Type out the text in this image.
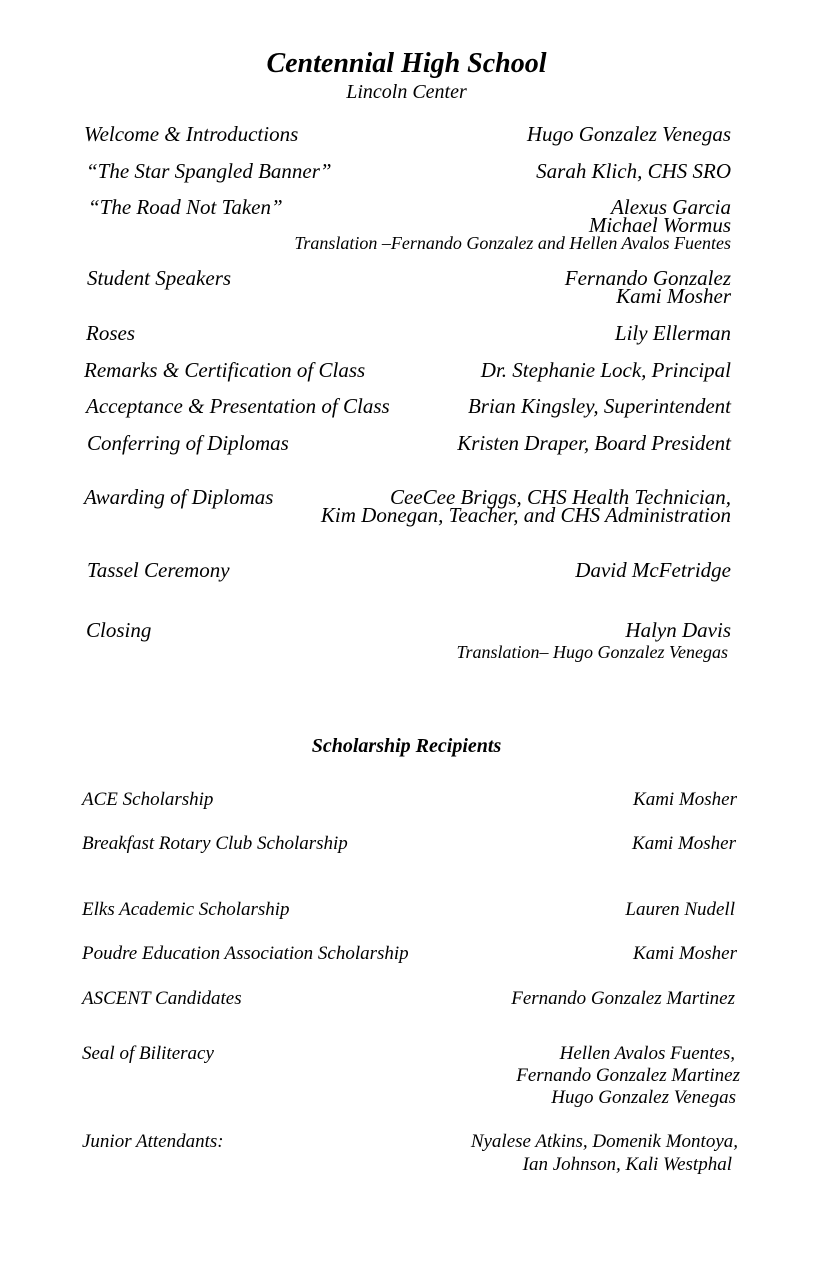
Centennial High School
Lincoln Center
Welcome & Introductions
“The Star Spangled Banner”
“The Road Not Taken”
Student Speakers
Roses
Remarks & Certification of Class
Acceptance & Presentation of Class
Conferring of Diplomas
Awarding of Diplomas
Tassel Ceremony
Closing
Hugo Gonzalez Venegas
Sarah Klich, CHS SRO
Alexus Garcia
Michael Wormus
Translation –Fernando Gonzalez and Hellen Avalos Fuentes
Fernando Gonzalez
Kami Mosher
Lily Ellerman
Dr. Stephanie Lock, Principal
Brian Kingsley, Superintendent
Kristen Draper, Board President
CeeCee Briggs, CHS Health Technician,
Kim Donegan, Teacher, and CHS Administration
David McFetridge
Halyn Davis
Translation– Hugo Gonzalez Venegas
Scholarship Recipients
ACE Scholarship
Breakfast Rotary Club Scholarship
Elks Academic Scholarship
Poudre Education Association Scholarship
ASCENT Candidates
Seal of Biliteracy
Junior Attendants:
Kami Mosher
Kami Mosher
Lauren Nudell
Kami Mosher
Fernando Gonzalez Martinez
Hellen Avalos Fuentes,
Fernando Gonzalez Martinez
Hugo Gonzalez Venegas
Nyalese Atkins, Domenik Montoya,
Ian Johnson, Kali Westphal
